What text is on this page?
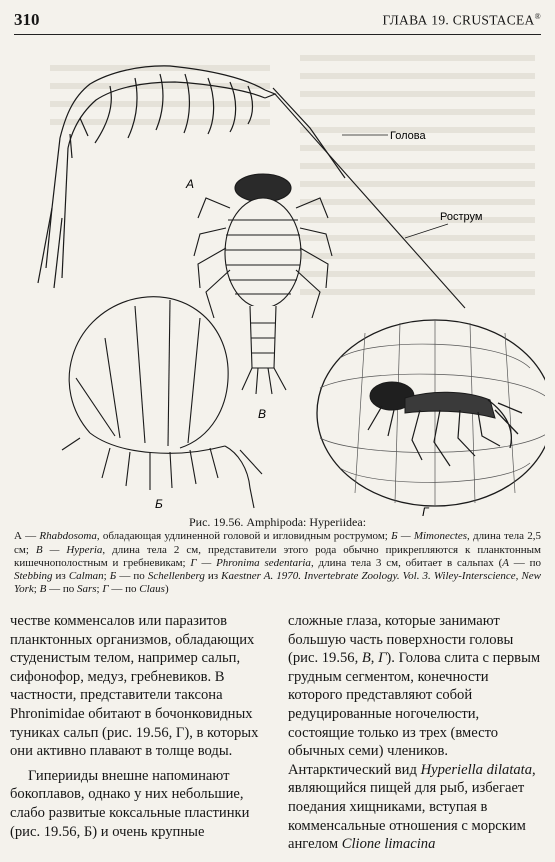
310	ГЛАВА 19. CRUSTACEA®
А
Голова
Рострум
В
Б
Г
Рис. 19.56. Amphipoda: Hyperiidea:
А — Rhabdosoma, обладающая удлиненной головой и игловидным рострумом; Б — Mimonectes, длина тела 2,5 см; В — Hyperia, длина тела 2 см, представители этого рода обычно прикрепляются к планктонным кишечнополостным и гребневикам; Г — Phronima sedentaria, длина тела 3 см, обитает в сальпах (А — по Stebbing из Calman; Б — по Schellenberg из Kaestner A. 1970. Invertebrate Zoology. Vol. 3. Wiley-Interscience, New York; В — по Sars; Г — по Claus)

честве комменсалов или паразитов планктонных организмов, обладающих студенистым телом, например сальп, сифонофор, медуз, гребневиков. В частности, представители таксона Phronimidae обитают в бочонковидных туниках сальп (рис. 19.56, Г), в которых они активно плавают в толще воды.

Гиперииды внешне напоминают бокоплавов, однако у них небольшие, слабо развитые коксальные пластинки (рис. 19.56, Б) и очень крупные

сложные глаза, которые занимают большую часть поверхности головы (рис. 19.56, В, Г). Голова слита с первым грудным сегментом, конечности которого представляют собой редуцированные ногочелюсти, состоящие только из трех (вместо обычных семи) члеников. Антарктический вид Hyperiella dilatata, являющийся пищей для рыб, избегает поедания хищниками, вступая в комменсальные отношения с морским ангелом Clione limacina
